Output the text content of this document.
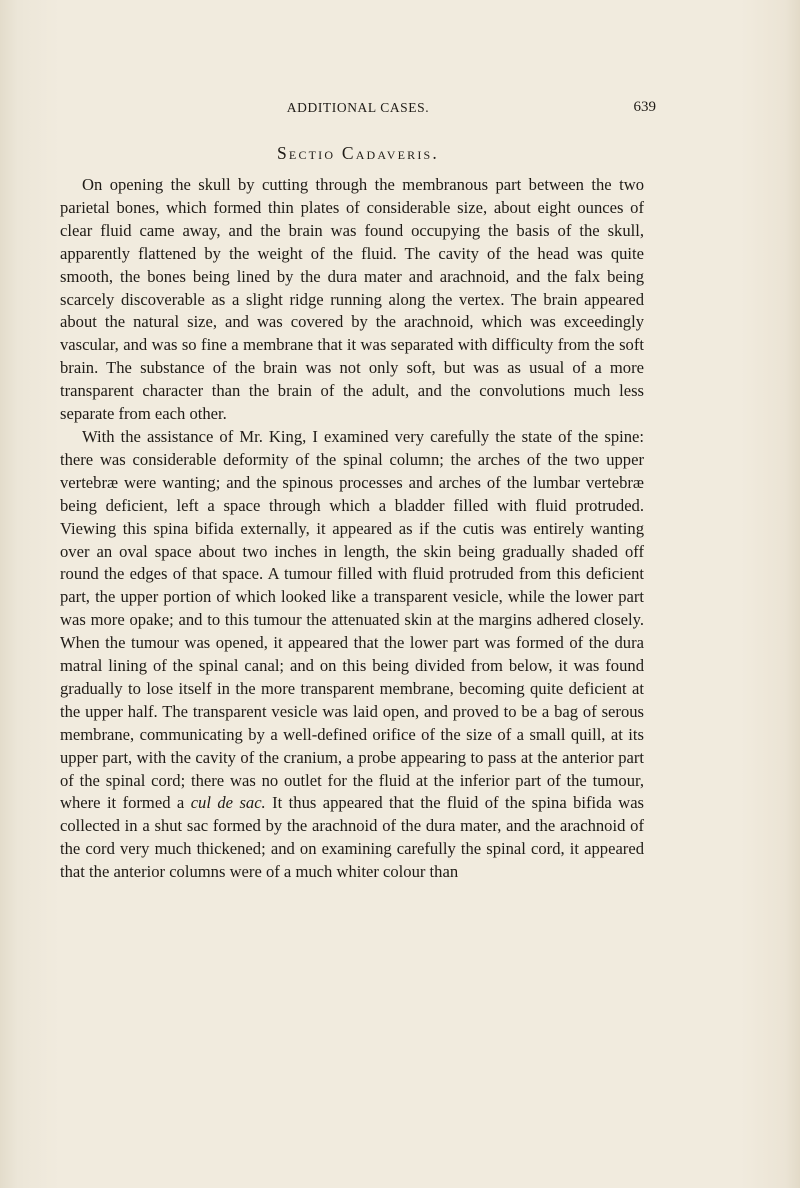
ADDITIONAL CASES.	639
Sectio Cadaveris.

On opening the skull by cutting through the membranous part between the two parietal bones, which formed thin plates of considerable size, about eight ounces of clear fluid came away, and the brain was found occupying the basis of the skull, apparently flattened by the weight of the fluid. The cavity of the head was quite smooth, the bones being lined by the dura mater and arachnoid, and the falx being scarcely discoverable as a slight ridge running along the vertex. The brain appeared about the natural size, and was covered by the arachnoid, which was exceedingly vascular, and was so fine a membrane that it was separated with difficulty from the soft brain. The substance of the brain was not only soft, but was as usual of a more transparent character than the brain of the adult, and the convolutions much less separate from each other.

With the assistance of Mr. King, I examined very carefully the state of the spine: there was considerable deformity of the spinal column; the arches of the two upper vertebræ were wanting; and the spinous processes and arches of the lumbar vertebræ being deficient, left a space through which a bladder filled with fluid protruded. Viewing this spina bifida externally, it appeared as if the cutis was entirely wanting over an oval space about two inches in length, the skin being gradually shaded off round the edges of that space. A tumour filled with fluid protruded from this deficient part, the upper portion of which looked like a transparent vesicle, while the lower part was more opake; and to this tumour the attenuated skin at the margins adhered closely. When the tumour was opened, it appeared that the lower part was formed of the dura matral lining of the spinal canal; and on this being divided from below, it was found gradually to lose itself in the more transparent membrane, becoming quite deficient at the upper half. The transparent vesicle was laid open, and proved to be a bag of serous membrane, communicating by a well-defined orifice of the size of a small quill, at its upper part, with the cavity of the cranium, a probe appearing to pass at the anterior part of the spinal cord; there was no outlet for the fluid at the inferior part of the tumour, where it formed a cul de sac. It thus appeared that the fluid of the spina bifida was collected in a shut sac formed by the arachnoid of the dura mater, and the arachnoid of the cord very much thickened; and on examining carefully the spinal cord, it appeared that the anterior columns were of a much whiter colour than
